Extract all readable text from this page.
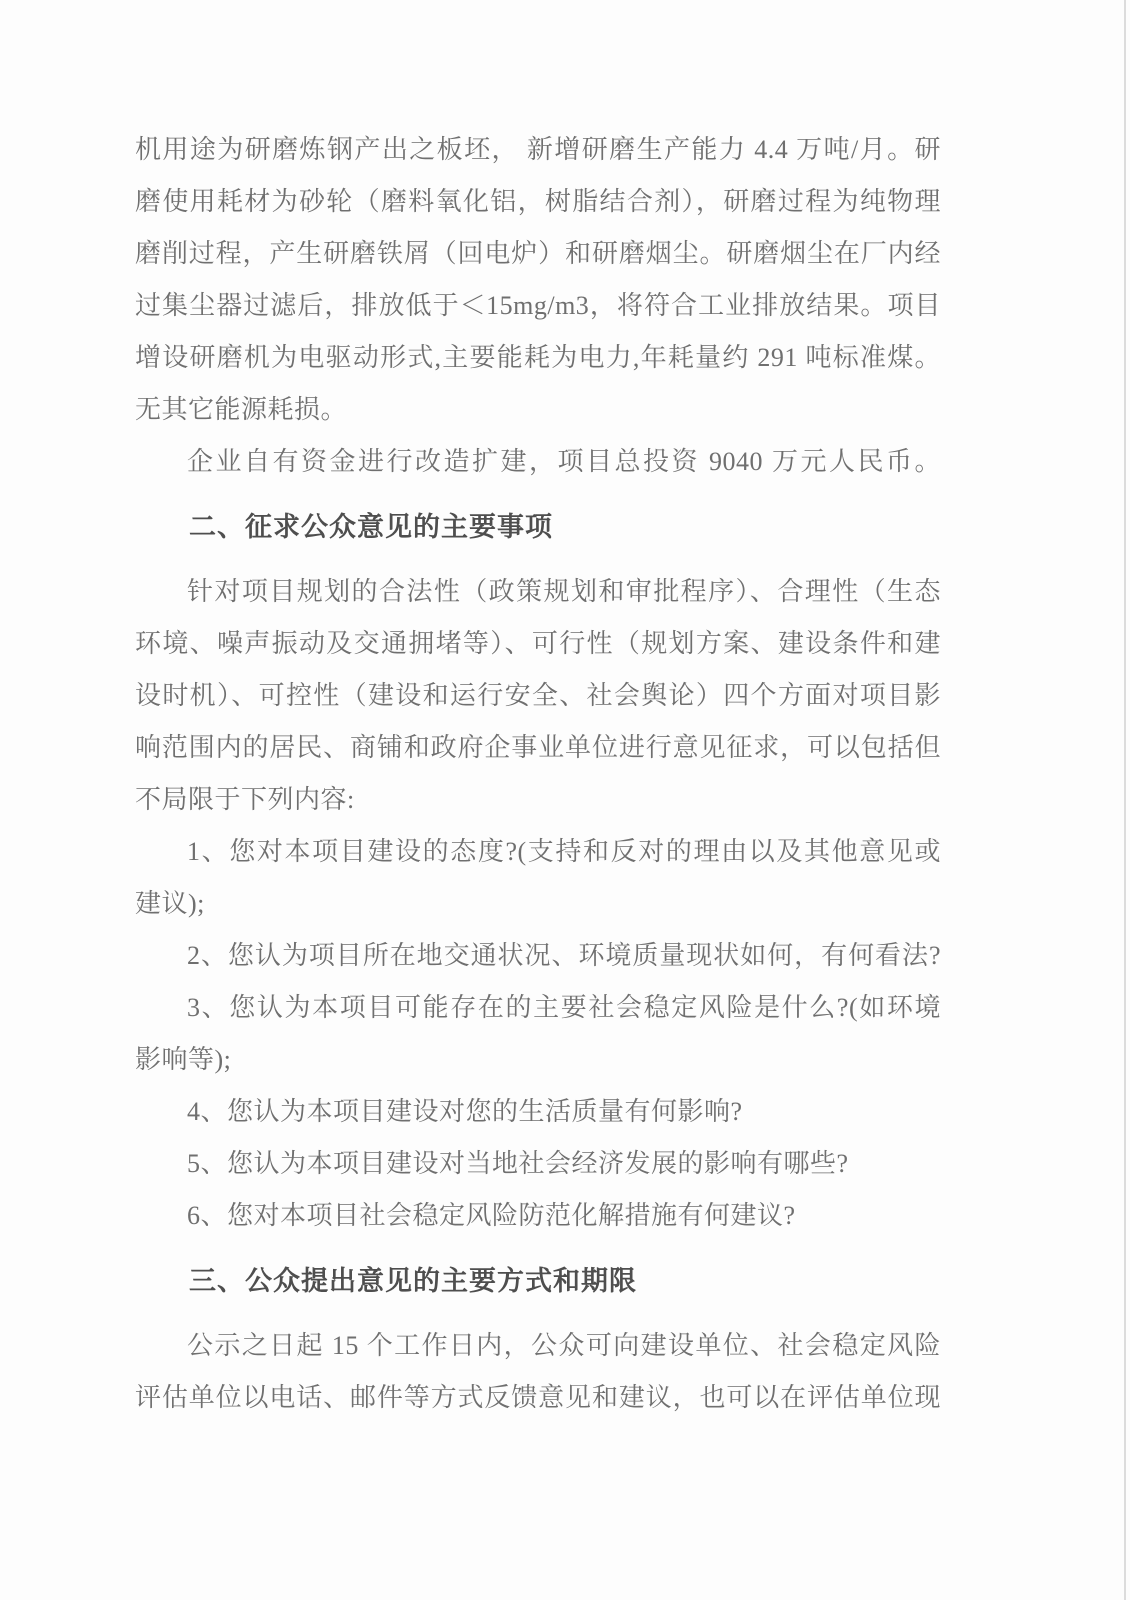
机用途为研磨炼钢产出之板坯， 新增研磨生产能力 4.4 万吨/月。研
磨使用耗材为砂轮（磨料氧化铝，树脂结合剂），研磨过程为纯物理
磨削过程，产生研磨铁屑（回电炉）和研磨烟尘。研磨烟尘在厂内经
过集尘器过滤后，排放低于＜15mg/m3，将符合工业排放结果。项目
增设研磨机为电驱动形式,主要能耗为电力,年耗量约 291 吨标准煤。
无其它能源耗损。
企业自有资金进行改造扩建，项目总投资 9040 万元人民币。
二、征求公众意见的主要事项
针对项目规划的合法性（政策规划和审批程序）、合理性（生态
环境、噪声振动及交通拥堵等）、可行性（规划方案、建设条件和建
设时机）、可控性（建设和运行安全、社会舆论）四个方面对项目影
响范围内的居民、商铺和政府企事业单位进行意见征求，可以包括但
不局限于下列内容:
1、您对本项目建设的态度?(支持和反对的理由以及其他意见或
建议);
2、您认为项目所在地交通状况、环境质量现状如何，有何看法?
3、您认为本项目可能存在的主要社会稳定风险是什么?(如环境
影响等);
4、您认为本项目建设对您的生活质量有何影响?
5、您认为本项目建设对当地社会经济发展的影响有哪些?
6、您对本项目社会稳定风险防范化解措施有何建议?
三、公众提出意见的主要方式和期限
公示之日起 15 个工作日内，公众可向建设单位、社会稳定风险
评估单位以电话、邮件等方式反馈意见和建议，也可以在评估单位现
